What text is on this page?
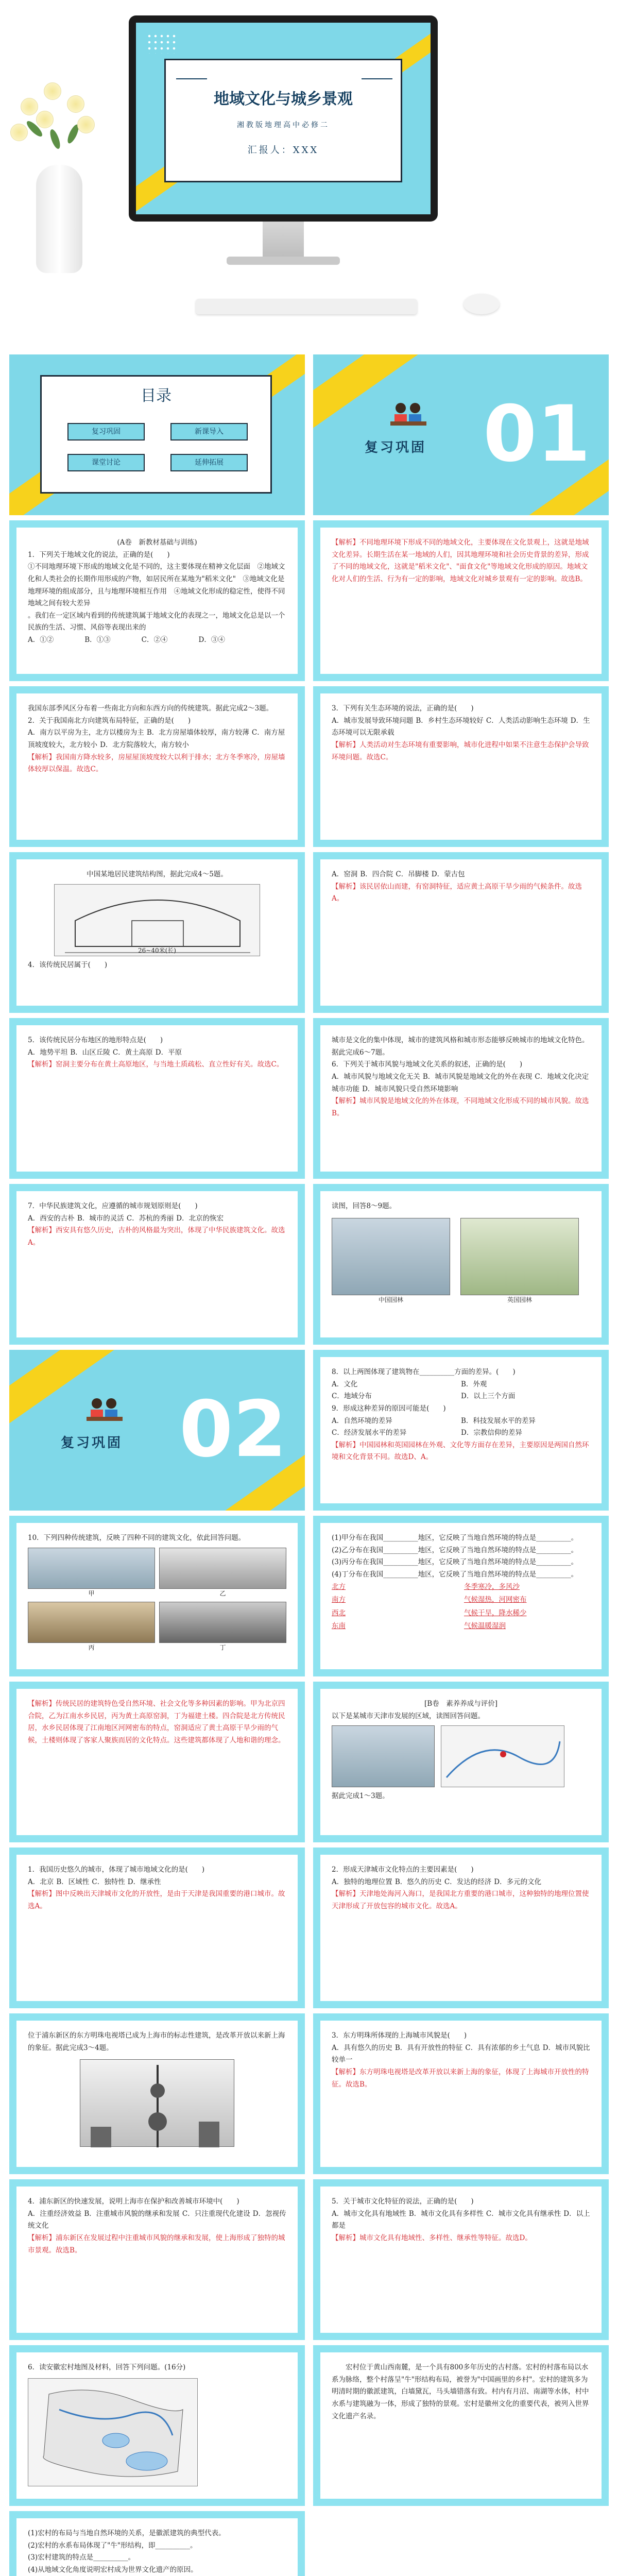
地域文化与城乡景观
湘教版地理高中必修二
汇报人：XXX
目录
复习巩固	新课导入
课堂讨论	延伸拓展
复习巩固 01
(A卷　新教材基础与训练)
1．下列关于地域文化的说法，正确的是(　　)
①不同地理环境下形成的地域文化是不同的，这主要体现在精神文化层面　②地域文化和人类社会的长期作用形成的产物，如居民所在某地为"稻米文化"　③地域文化是地理环境的组成部分，且与地理环境相互作用　④地域文化形成的稳定性，使得不同地域之间有较大差异
。我们在一定区域内看到的传统建筑属于地域文化的表现之一，地域文化总是以一个民族的生活、习惯、风俗等表现出来的
A．①②	B．①③	C．②④	D．③④
【解析】不同地理环境下形成不同的地域文化，主要体现在文化景观上，这就是地域文化差异。长期生活在某一地域的人们，因其地理环境和社会历史背景的差异，形成了不同的地域文化，这就是"稻米文化"、"面食文化"等地域文化形成的原因。地域文化对人们的生活、行为有一定的影响，地域文化对城乡景观有一定的影响。故选B。
我国东部季风区分布着一些南北方向和东西方向的传统建筑。据此完成2～3题。
2．关于我国南北方向建筑布局特征，正确的是(　　)
A．南方以平房为主，北方以楼房为主 B．北方房屋墙体较厚，南方较薄 C．南方屋顶坡度较大，北方较小 D．北方院落较大，南方较小
【解析】我国南方降水较多，房屋屋顶坡度较大以利于排水；北方冬季寒冷，房屋墙体较厚以保温。故选C。
3．下列有关生态环境的说法，正确的是(　　)
A．城市发展导致环境问题 B．乡村生态环境较好 C．人类活动影响生态环境 D．生态环境可以无限承载
【解析】人类活动对生态环境有重要影响，城市化进程中如果不注意生态保护会导致环境问题。故选C。
中国某地居民建筑结构图，据此完成4～5题。
26~40米(长)
4．该传统民居属于(　　)
A．窑洞 B．四合院 C．吊脚楼 D．蒙古包
【解析】该民居依山而建，有窑洞特征，适应黄土高原干旱少雨的气候条件。故选A。
5．该传统民居分布地区的地形特点是(　　)
A．地势平坦 B．山区丘陵 C．黄土高原 D．平原
【解析】窑洞主要分布在黄土高原地区，与当地土质疏松、直立性好有关。故选C。
城市是文化的集中体现，城市的建筑风格和城市形态能够反映城市的地域文化特色。据此完成6～7题。
6．下列关于城市风貌与地域文化关系的叙述，正确的是(　　)
A．城市风貌与地域文化无关 B．城市风貌是地域文化的外在表现 C．地域文化决定城市功能 D．城市风貌只受自然环境影响
【解析】城市风貌是地域文化的外在体现，不同地域文化形成不同的城市风貌。故选B。
7．中华民族建筑文化，应遵循的城市规划原则是(　　)
A．西安的古朴 B．城市的灵活 C．苏杭的秀丽 D．北京的恢宏
【解析】西安具有悠久历史，古朴的风格最为突出，体现了中华民族建筑文化。故选A。
读图，回答8～9题。
中国园林	英国园林
复习巩固 02
8．以上两图体现了建筑物在__________方面的差异。(　　)
A．文化	B．外观
C．地域分布	D．以上三个方面
9．形成这种差异的原因可能是(　　)
A．自然环境的差异	B．科技发展水平的差异
C．经济发展水平的差异	D．宗教信仰的差异
【解析】中国园林和英国园林在外观、文化等方面存在差异，主要原因是两国自然环境和文化背景不同。故选D、A。
10．下列四种传统建筑，反映了四种不同的建筑文化，依此回答问题。
甲	乙
丙	丁
(1)甲分布在我国__________地区，它反映了当地自然环境的特点是__________。
(2)乙分布在我国__________地区，它反映了当地自然环境的特点是__________。
(3)丙分布在我国__________地区，它反映了当地自然环境的特点是__________。
(4)丁分布在我国__________地区，它反映了当地自然环境的特点是__________。
北方	冬季寒冷，多风沙
南方	气候湿热，河网密布
西北	气候干旱，降水稀少
东南	气候温暖湿润
【解析】传统民居的建筑特色受自然环境、社会文化等多种因素的影响。甲为北京四合院，乙为江南水乡民居，丙为黄土高原窑洞，丁为福建土楼。四合院是北方传统民居，水乡民居体现了江南地区河网密布的特点，窑洞适应了黄土高原干旱少雨的气候，土楼则体现了客家人聚族而居的文化特点。这些建筑都体现了人地和谐的理念。
[B卷　素养养成与评价]
以下是某城市天津市发展的区域，读图回答问题。
据此完成1～3题。
1．我国历史悠久的城市，体现了城市地域文化的是(　　)
A．北京 B．区域性 C．独特性 D．继承性
【解析】图中反映出天津城市文化的开放性，是由于天津是我国重要的港口城市。故选A。
2．形成天津城市文化特点的主要因素是(　　)
A．独特的地理位置 B．悠久的历史 C．发达的经济 D．多元的文化
【解析】天津地处海河入海口，是我国北方重要的港口城市，这种独特的地理位置使天津形成了开放包容的城市文化。故选A。
位于浦东新区的东方明珠电视塔已成为上海市的标志性建筑，是改革开放以来新上海的象征。据此完成3～4题。
3．东方明珠所体现的上海城市风貌是(　　)
A．具有悠久的历史 B．具有开放性的特征 C．具有浓郁的乡土气息 D．城市风貌比较单一
【解析】东方明珠电视塔是改革开放以来新上海的象征，体现了上海城市开放性的特征。故选B。
4．浦东新区的快速发展，说明上海市在保护和改善城市环境中(　　)
A．注重经济效益 B．注重城市风貌的继承和发展 C．只注重现代化建设 D．忽视传统文化
【解析】浦东新区在发展过程中注重城市风貌的继承和发展，使上海形成了独特的城市景观。故选B。
5．关于城市文化特征的说法，正确的是(　　)
A．城市文化具有地域性 B．城市文化具有多样性 C．城市文化具有继承性 D．以上都是
【解析】城市文化具有地域性、多样性、继承性等特征。故选D。
6．读安徽宏村地图及材料，回答下列问题。(16分)	宏村位于黄山西南麓，是一个具有800多年历史的古村落。宏村的村落布局以水系为脉络，整个村落呈"牛"形结构布局，被誉为"中国画里的乡村"。宏村的建筑多为明清时期的徽派建筑，白墙黛瓦，马头墙错落有致。村内有月沼、南湖等水体，村中水系与建筑融为一体，形成了独特的景观。宏村是徽州文化的重要代表，被列入世界文化遗产名录。
(1)宏村的布局与当地自然环境的关系，是徽派建筑的典型代表。
(2)宏村的水系布局体现了"牛"形结构，即__________。
(3)宏村建筑的特点是__________。
(4)从地域文化角度说明宏村成为世界文化遗产的原因。
